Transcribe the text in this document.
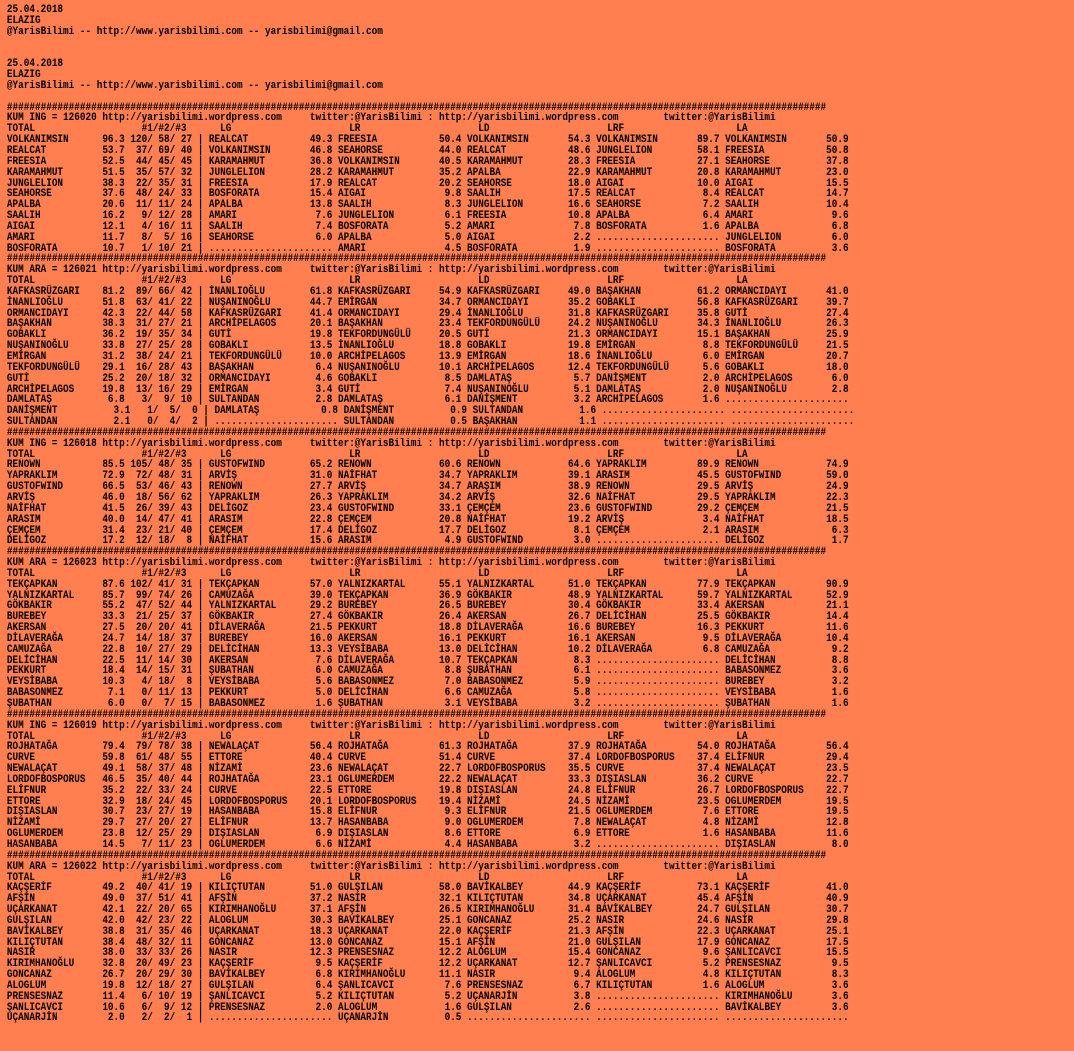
25.04.2018
ELAZIG
@YarisBilimi -- http://www.yarisbilimi.com -- yarisbilimi@gmail.com

25.04.2018
ELAZIG
@YarisBilimi -- http://www.yarisbilimi.com -- yarisbilimi@gmail.com

##################################################################################################################################################
KUM ING = 126020 http://yarisbilimi.wordpress.com     twitter:@YarisBilimi : http://yarisbilimi.wordpress.com        twitter:@YarisBilimi
TOTAL                   #1/#2/#3      LG                     LR                     LD                     LRF                    LA
VOLKANIMSIN      96.3 120/ 58/ 27 | REALCAT           49.3 FREESIA           50.4 VOLKANIMSIN       54.3 VOLKANIMSIN       89.7 VOLKANIMSIN       50.9
REALCAT          53.7  37/ 69/ 40 | VOLKANIMSIN       46.8 SEAHORSE          44.0 REALCAT           48.6 JUNGLELION        58.1 FREESIA           50.8
FREESIA          52.5  44/ 45/ 45 | KARAMAHMUT        36.8 VOLKANIMSIN       40.5 KARAMAHMUT        28.3 FREESIA           27.1 SEAHORSE          37.8
KARAMAHMUT       51.5  35/ 57/ 32 | JUNGLELION        28.2 KARAMAHMUT        35.2 APALBA            22.9 KARAMAHMUT        20.8 KARAMAHMUT        23.0
JUNGLELION       38.3  22/ 35/ 31 | FREESIA           17.9 REALCAT           20.2 SEAHORSE          18.0 AIGAI             10.0 AIGAI             15.5
SEAHORSE         37.6  48/ 24/ 33 | BOSFORATA         15.4 AIGAI              9.8 SAALIH            17.5 REALCAT            8.4 REALCAT           14.7
APALBA           20.6  11/ 11/ 24 | APALBA            13.8 SAALIH             8.3 JUNGLELION        16.6 SEAHORSE           7.2 SAALIH            10.4
SAALIH           16.2   9/ 12/ 28 | AMARI              7.6 JUNGLELION         6.1 FREESIA           10.8 APALBA             6.4 AMARI              9.6
AIGAI            12.1   4/ 16/ 11 | SAALIH             7.4 BOSFORATA          5.2 AMARI              7.8 BOSFORATA          1.6 APALBA             6.8
AMARI            11.7   8/  5/ 16 | SEAHORSE           6.0 APALBA             5.0 AIGAI              2.2 ...................... JUNGLELION         6.0
BOSFORATA        10.7   1/ 10/ 21 | ...................... AMARI              4.5 BOSFORATA          1.9 ...................... BOSFORATA          3.6
##################################################################################################################################################
KUM ARA = 126021 http://yarisbilimi.wordpress.com     twitter:@YarisBilimi : http://yarisbilimi.wordpress.com        twitter:@YarisBilimi
TOTAL                   #1/#2/#3      LG                     LR                     LD                     LRF                    LA
KAFKASRÜZGARI    81.2  89/ 66/ 42 | İNANLIOĞLU        61.8 KAFKASRÜZGARI     54.9 KAFKASRÜZGARI     49.0 BAŞAKHAN          61.2 ORMANCIDAYI       41.0
İNANLIOĞLU       51.8  63/ 41/ 22 | NUŞANINOĞLU       44.7 EMİRGAN           34.7 ORMANCIDAYI       35.2 GOBAKLI           56.8 KAFKASRÜZGARI     39.7
ORMANCIDAYI      42.3  22/ 44/ 58 | KAFKASRÜZGARI     41.4 ORMANCIDAYI       29.4 İNANLIOĞLU        31.8 KAFKASRÜZGARI     35.8 GUTİ              27.4
BAŞAKHAN         38.3  31/ 27/ 21 | ARCHİPELAGOS      20.1 BAŞAKHAN          23.4 TEKFORDUNGÜLÜ     24.2 NUŞANINOĞLU       34.3 İNANLIOĞLU        26.3
GOBAKLI          36.2  19/ 35/ 34 | GUTİ              19.8 TEKFORDUNGÜLÜ     20.5 GUTİ              21.3 ORMANCIDAYI       15.1 BAŞAKHAN          25.9
NUŞANINOĞLU      33.8  27/ 25/ 28 | GOBAKLI           13.5 İNANLIOĞLU        18.8 GOBAKLI           19.8 EMİRGAN            8.8 TEKFORDUNGÜLÜ     21.5
EMİRGAN          31.2  38/ 24/ 21 | TEKFORDUNGÜLÜ     10.0 ARCHİPELAGOS      13.9 EMİRGAN           18.6 İNANLIOĞLU         6.0 EMİRGAN           20.7
TEKFORDUNGÜLÜ    29.1  16/ 28/ 43 | BAŞAKHAN           6.4 NUŞANINOĞLU       10.1 ARCHİPELAGOS      12.4 TEKFORDUNGÜLÜ      5.6 GOBAKLI           18.0
GUTİ             25.2  20/ 18/ 32 | ORMANCIDAYI        4.6 GOBAKLI            8.5 DAMLATAŞ           5.7 DANİŞMENT          2.0 ARCHİPELAGOS       6.0
ARCHİPELAGOS     19.8  13/ 16/ 29 | EMİRGAN            3.4 GUTİ               7.4 NUŞANINOĞLU        5.1 DAMLATAŞ           2.0 NUŞANINOĞLU        2.8
DAMLATAŞ          6.8   3/  9/ 10 | SULTANDAN          2.8 DAMLATAŞ           6.1 DANİŞMENT          3.2 ARCHİPELAGOS       1.6 ......................
DANİŞMENT          3.1   1/  5/  0 | DAMLATAŞ           0.8 DANİŞMENT          0.9 SULTANDAN          1.6 ...................... ......................
SULTANDAN          2.1   0/  4/  2 | ...................... SULTANDAN          0.5 BAŞAKHAN           1.1 ...................... ......................
##################################################################################################################################################
KUM ING = 126018 http://yarisbilimi.wordpress.com     twitter:@YarisBilimi : http://yarisbilimi.wordpress.com        twitter:@YarisBilimi
TOTAL                   #1/#2/#3      LG                     LR                     LD                     LRF                    LA
RENOWN           85.5 105/ 48/ 35 | GUSTOFWIND        65.2 RENOWN            60.6 RENOWN            64.6 YAPRAKLIM         89.9 RENOWN            74.9
YAPRAKLIM        72.9  72/ 48/ 31 | ARVİŞ             31.0 NAİFHAT           34.7 YAPRAKLIM         39.1 ARASIM            45.5 GUSTOFWIND        59.0
GUSTOFWIND       66.5  53/ 46/ 43 | RENOWN            27.7 ARVİŞ             34.7 ARAŞIM            38.9 RENOWN            29.5 ARVİŞ             24.9
ARVİŞ            46.0  18/ 56/ 62 | YAPRAKLIM         26.3 YAPRAKLIM         34.2 ARVİŞ             32.6 NAİFHAT           29.5 YAPRAKLIM         22.3
NAİFHAT          41.5  26/ 39/ 43 | DELİGOZ           23.4 GUSTOFWIND        33.1 ÇEMÇEM            23.6 GUSTOFWIND        29.2 ÇEMÇEM            21.5
ARASIM           40.0  14/ 47/ 41 | ARASIM            22.8 ÇEMÇEM            20.8 NAİFHAT           19.2 ARVİŞ              3.4 NAİFHAT           18.5
ÇEMÇEM           31.4  23/ 21/ 40 | ÇEMÇEM            17.4 DELİGOZ           17.7 DELİGOZ            8.1 ÇEMÇEM             2.1 ARASIM             6.3
DELİGOZ          17.2  12/ 18/  8 | NAİFHAT           15.6 ARASIM             4.9 GUSTOFWIND         3.0 ...................... DELİGOZ            1.7
##################################################################################################################################################
KUM ARA = 126023 http://yarisbilimi.wordpress.com     twitter:@YarisBilimi : http://yarisbilimi.wordpress.com        twitter:@YarisBilimi
TOTAL                   #1/#2/#3      LG                     LR                     LD                     LRF                    LA
TEKÇAPKAN        87.6 102/ 41/ 31 | TEKÇAPKAN         57.0 YALNIZKARTAL      55.1 YALNIZKARTAL      51.0 TEKÇAPKAN         77.9 TEKÇAPKAN         90.9
YALNIZKARTAL     85.7  99/ 74/ 26 | CAMUZAĞA          39.0 TEKÇAPKAN         36.9 GÖKBAKIR          48.9 YALNIZKARTAL      59.7 YALNIZKARTAL      52.9
GÖKBAKIR         55.2  47/ 52/ 44 | YALNIZKARTAL      29.2 BUREBEY           26.5 BUREBEY           30.4 GÖKBAKIR          33.4 AKERSAN           21.1
BUREBEY          33.3  21/ 25/ 37 | GÖKBAKIR          27.4 GÖKBAKIR          26.4 AKERSAN           26.7 DELİCİHAN         25.5 GÖKBAKIR          14.4
AKERSAN          27.5  20/ 20/ 41 | DİLAVERAĞA        21.5 PEKKURT           18.8 DİLAVERAĞA        16.6 BUREBEY           16.3 PEKKURT           11.6
DİLAVERAĞA       24.7  14/ 18/ 37 | BUREBEY           16.0 AKERSAN           16.1 PEKKURT           16.1 AKERSAN            9.5 DİLAVERAĞA        10.4
CAMUZAĞA         22.8  10/ 27/ 29 | DELİCİHAN         13.3 VEYSİBABA         13.0 DELİCİHAN         10.2 DİLAVERAĞA         6.8 CAMUZAĞA           9.2
DELİCİHAN        22.5  11/ 14/ 30 | AKERSAN            7.6 DİLAVERAĞA        10.7 TEKÇAPKAN          8.3 ...................... DELİCİHAN          8.8
PEKKURT          18.4  14/ 15/ 31 | ŞUBATHAN           6.0 CAMUZAĞA           8.8 ŞUBATHAN           6.1 ...................... BABASONMEZ         3.6
VEYSİBABA        10.3   4/ 18/  8 | VEYSİBABA          5.6 BABASONMEZ         7.0 BABASONMEZ         5.9 ...................... BUREBEY            3.2
BABASONMEZ        7.1   0/ 11/ 13 | PEKKURT            5.0 DELİCİHAN          6.6 CAMUZAĞA           5.8 ...................... VEYSİBABA          1.6
ŞUBATHAN          6.0   0/  7/ 15 | BABASONMEZ         1.6 ŞUBATHAN           3.1 VEYSİBABA          3.2 ...................... ŞUBATHAN           1.6
##################################################################################################################################################
KUM ING = 126019 http://yarisbilimi.wordpress.com     twitter:@YarisBilimi : http://yarisbilimi.wordpress.com        twitter:@YarisBilimi
TOTAL                   #1/#2/#3      LG                     LR                     LD                     LRF                    LA
ROJHATAĞA        79.4  79/ 78/ 38 | NEWALAÇAT         56.4 ROJHATAĞA         61.3 ROJHATAĞA         37.9 ROJHATAĞA         54.0 ROJHATAĞA         56.4
CURVE            59.8  61/ 48/ 55 | ETTORE            40.4 CURVE             51.4 CURVE             37.4 LORDOFBOSPORUS    37.4 ELİFNUR           29.4
NEWALAÇAT        49.1  58/ 37/ 48 | NİZAMİ            23.6 NEWALAÇAT         22.7 LORDOFBOSPORUS    35.5 CURVE             37.4 NEWALAÇAT         23.5
LORDOFBOSPORUS   46.5  35/ 40/ 44 | ROJHATAĞA         23.1 OGLUMERDEM        22.2 NEWALAÇAT         33.3 DIŞIASLAN         36.2 CURVE             22.7
ELİFNUR          35.2  22/ 33/ 24 | CURVE             22.5 ETTORE            19.8 DIŞIASLAN         24.8 ELİFNUR           26.7 LORDOFBOSPORUS    22.7
ETTORE           32.9  18/ 24/ 45 | LORDOFBOSPORUS    20.1 LORDOFBOSPORUS    19.4 NİZAMİ            24.5 NİZAMİ            23.5 OGLUMERDEM        19.5
DIŞIASLAN        30.7  23/ 27/ 19 | HASANBABA         15.8 ELİFNUR            9.3 ELİFNUR           21.5 OGLUMERDEM         7.6 ETTORE            19.5
NİZAMİ           29.7  27/ 20/ 27 | ELİFNUR           13.7 HASANBABA          9.0 OGLUMERDEM         7.8 NEWALAÇAT          4.8 NİZAMİ            12.8
OGLUMERDEM       23.8  12/ 25/ 29 | DIŞIASLAN          6.9 DIŞIASLAN          8.6 ETTORE             6.9 ETTORE             1.6 HASANBABA         11.6
HASANBABA        14.5   7/ 11/ 23 | OGLUMERDEM         6.6 NİZAMİ             4.4 HASANBABA          3.2 ...................... DIŞIASLAN          8.0
##################################################################################################################################################
KUM ARA = 126022 http://yarisbilimi.wordpress.com     twitter:@YarisBilimi : http://yarisbilimi.wordpress.com        twitter:@YarisBilimi
TOTAL                   #1/#2/#3      LG                     LR                     LD                     LRF                    LA
KAÇŞERİF         49.2  40/ 41/ 19 | KILIÇTUTAN        51.0 GULŞILAN          58.0 BAVİKALBEY        44.9 KAÇŞERİF          73.1 KAÇŞERİF          41.0
AFŞİN            49.0  37/ 51/ 41 | AFŞİN             37.2 NASIR             32.1 KILIÇTUTAN        34.8 UÇARKANAT         45.4 AFŞİN             40.9
UÇARKANAT        42.1  22/ 20/ 65 | KIRIMHANOĞLU      37.1 AFŞİN             26.5 KIRIMHANOĞLU      31.4 BAVİKALBEY        24.7 GULŞILAN          30.7
GULŞILAN         42.0  42/ 23/ 22 | ALOGLUM           30.3 BAVİKALBEY        25.1 GONCANAZ          25.2 NASIR             24.6 NASIR             29.8
BAVİKALBEY       38.8  31/ 35/ 46 | UÇARKANAT         18.3 UÇARKANAT         22.0 KAÇŞERİF          21.3 AFŞİN             22.3 UÇARKANAT         25.1
KILIÇTUTAN       38.4  48/ 32/ 11 | GONCANAZ          13.0 GONCANAZ          15.1 AFŞİN             21.0 GULŞILAN          17.9 GONCANAZ          17.5
NASIR            38.0  33/ 33/ 26 | NASIR             12.3 PRENSESNAZ        12.2 ALOGLUM           15.4 GONCANAZ           9.6 ŞANLICAVCI        15.5
KIRIMHANOĞLU     32.8  20/ 49/ 23 | KAÇŞERİF           9.5 KAÇŞERİF          12.2 UÇARKANAT         12.7 ŞANLICAVCI         5.2 PRENSESNAZ         9.5
GONCANAZ         26.7  20/ 29/ 30 | BAVİKALBEY         6.8 KIRIMHANOĞLU      11.1 NASIR              9.4 ALOGLUM            4.8 KILIÇTUTAN         8.3
ALOGLUM          19.8  12/ 18/ 27 | GULŞILAN           6.4 ŞANLICAVCI         7.6 PRENSESNAZ         6.7 KILIÇTUTAN         1.6 ALOGLUM            3.6
PRENSESNAZ       11.4   6/ 10/ 19 | ŞANLICAVCI         5.2 KILIÇTUTAN         5.2 UÇANARJİN          3.8 ...................... KIRIMHANOĞLU       3.6
ŞANLICAVCI       10.6   6/  9/ 12 | PRENSESNAZ         2.0 ALOGLUM            1.6 GULŞILAN           2.6 ...................... BAVİKALBEY         3.6
UÇANARJİN         2.0   2/  2/  1 | ...................... UÇANARJİN          0.5 ...................... ...................... ......................
